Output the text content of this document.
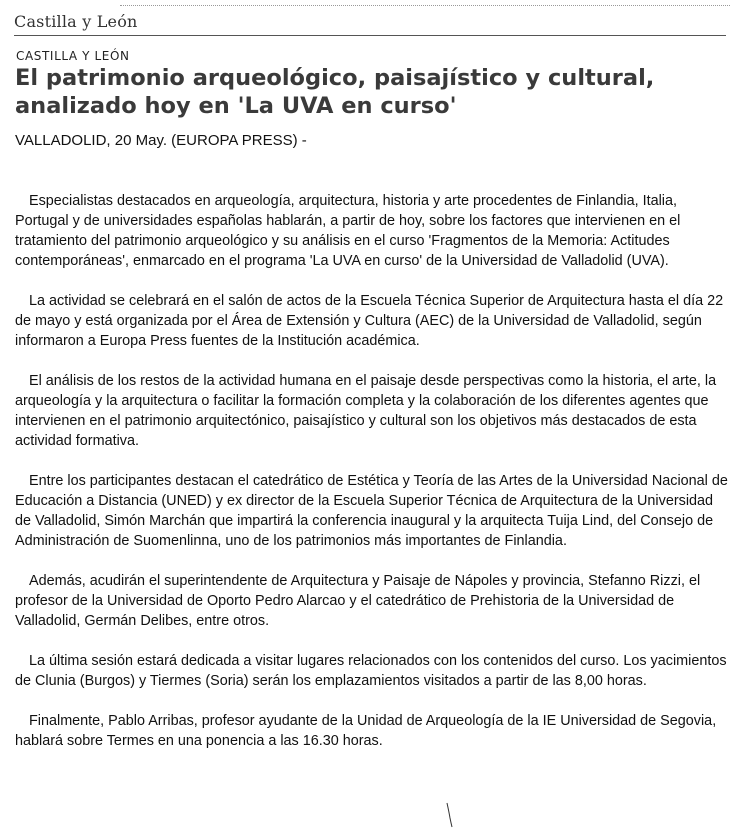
Castilla y León
CASTILLA Y LEÓN
El patrimonio arqueológico, paisajístico y cultural,
analizado hoy en 'La UVA en curso'
VALLADOLID, 20 May. (EUROPA PRESS) -

Especialistas destacados en arqueología, arquitectura, historia y arte procedentes de Finlandia, Italia, Portugal y de universidades españolas hablarán, a partir de hoy, sobre los factores que intervienen en el tratamiento del patrimonio arqueológico y su análisis en el curso 'Fragmentos de la Memoria: Actitudes contemporáneas', enmarcado en el programa 'La UVA en curso' de la Universidad de Valladolid (UVA).

La actividad se celebrará en el salón de actos de la Escuela Técnica Superior de Arquitectura hasta el día 22 de mayo y está organizada por el Área de Extensión y Cultura (AEC) de la Universidad de Valladolid, según informaron a Europa Press fuentes de la Institución académica.

El análisis de los restos de la actividad humana en el paisaje desde perspectivas como la historia, el arte, la arqueología y la arquitectura o facilitar la formación completa y la colaboración de los diferentes agentes que intervienen en el patrimonio arquitectónico, paisajístico y cultural son los objetivos más destacados de esta actividad formativa.

Entre los participantes destacan el catedrático de Estética y Teoría de las Artes de la Universidad Nacional de Educación a Distancia (UNED) y ex director de la Escuela Superior Técnica de Arquitectura de la Universidad de Valladolid, Simón Marchán que impartirá la conferencia inaugural y la arquitecta Tuija Lind, del Consejo de Administración de Suomenlinna, uno de los patrimonios más importantes de Finlandia.

Además, acudirán el superintendente de Arquitectura y Paisaje de Nápoles y provincia, Stefanno Rizzi, el profesor de la Universidad de Oporto Pedro Alarcao y el catedrático de Prehistoria de la Universidad de Valladolid, Germán Delibes, entre otros.

La última sesión estará dedicada a visitar lugares relacionados con los contenidos del curso. Los yacimientos de Clunia (Burgos) y Tiermes (Soria) serán los emplazamientos visitados a partir de las 8,00 horas.

Finalmente, Pablo Arribas, profesor ayudante de la Unidad de Arqueología de la IE Universidad de Segovia, hablará sobre Termes en una ponencia a las 16.30 horas.
